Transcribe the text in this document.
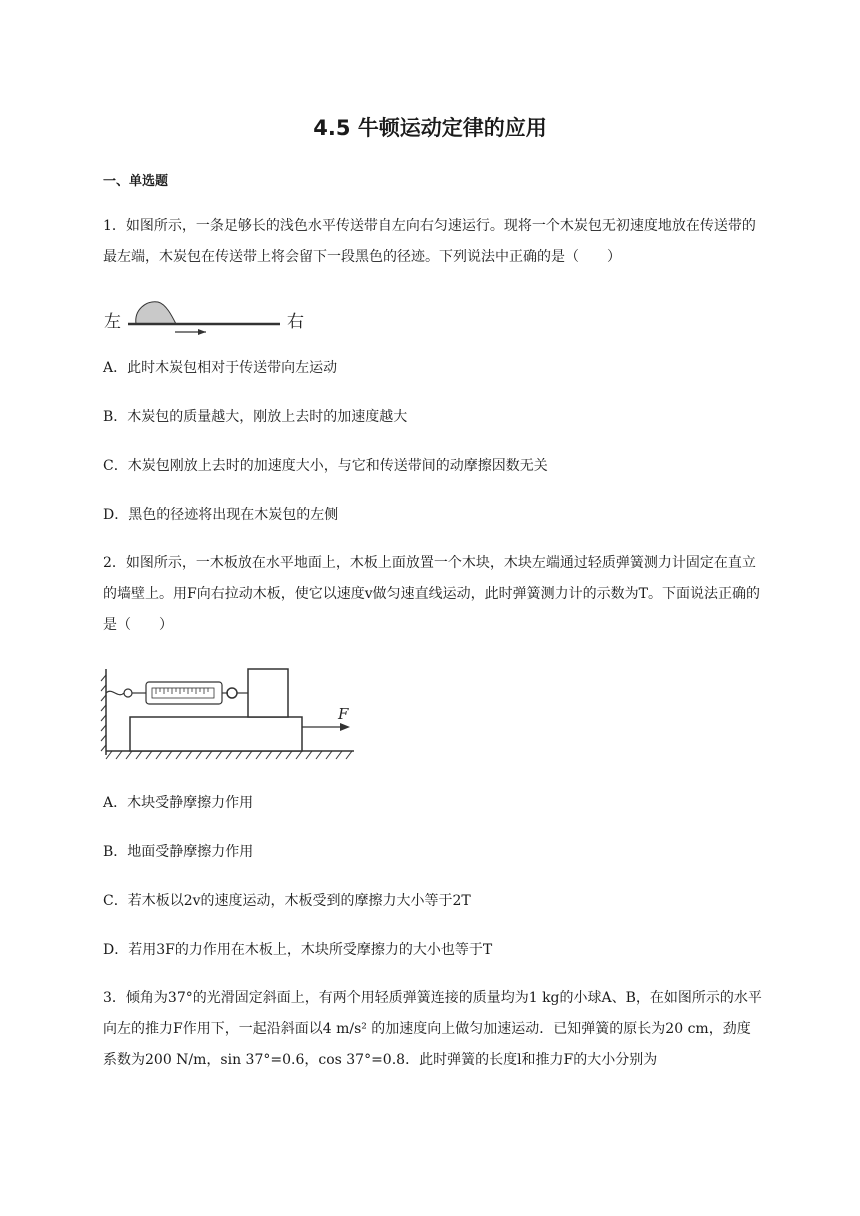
4.5 牛顿运动定律的应用
一、单选题
1．如图所示，一条足够长的浅色水平传送带自左向右匀速运行。现将一个木炭包无初速度地放在传送带的最左端，木炭包在传送带上将会留下一段黑色的径迹。下列说法中正确的是（　　）
左	右
A．此时木炭包相对于传送带向左运动
B．木炭包的质量越大，刚放上去时的加速度越大
C．木炭包刚放上去时的加速度大小，与它和传送带间的动摩擦因数无关
D．黑色的径迹将出现在木炭包的左侧
2．如图所示，一木板放在水平地面上，木板上面放置一个木块，木块左端通过轻质弹簧测力计固定在直立的墙壁上。用F向右拉动木板，使它以速度v做匀速直线运动，此时弹簧测力计的示数为T。下面说法正确的是（　　）
F
A．木块受静摩擦力作用
B．地面受静摩擦力作用
C．若木板以2v的速度运动，木板受到的摩擦力大小等于2T
D．若用3F的力作用在木板上，木块所受摩擦力的大小也等于T
3．倾角为37°的光滑固定斜面上，有两个用轻质弹簧连接的质量均为1 kg的小球A、B，在如图所示的水平向左的推力F作用下，一起沿斜面以4 m/s² 的加速度向上做匀加速运动．已知弹簧的原长为20 cm，劲度系数为200 N/m，sin 37°=0.6，cos 37°=0.8．此时弹簧的长度l和推力F的大小分别为
